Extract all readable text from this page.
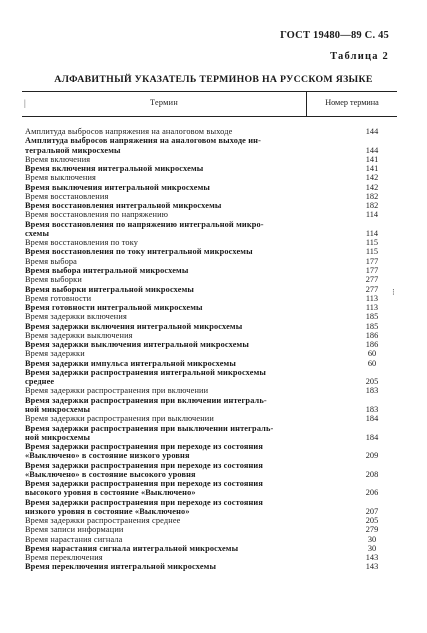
ГОСТ 19480—89 С. 45
Таблица 2
АЛФАВИТНЫЙ УКАЗАТЕЛЬ ТЕРМИНОВ НА РУССКОМ ЯЗЫКЕ
Термин	Номер термина
|
⁝
Амплитуда выбросов напряжения на аналоговом выходе	144
Амплитуда выбросов напряжения на аналоговом выходе ин-
тегральной микросхемы	144
Время включения	141
Время включения интегральной микросхемы	141
Время выключения	142
Время выключения интегральной микросхемы	142
Время восстановления	182
Время восстановления интегральной микросхемы	182
Время восстановления по напряжению	114
Время восстановления по напряжению интегральной микро-
схемы	114
Время восстановления по току	115
Время восстановления по току интегральной микросхемы	115
Время выбора	177
Время выбора интегральной микросхемы	177
Время выборки	277
Время выборки интегральной микросхемы	277
Время готовности	113
Время готовности интегральной микросхемы	113
Время задержки включения	185
Время задержки включения интегральной микросхемы	185
Время задержки выключения	186
Время задержки выключения интегральной микросхемы	186
Время задержки	60
Время задержки импульса интегральной микросхемы	60
Время задержки распространения интегральной микросхемы
среднее	205
Время задержки распространения при включении	183
Время задержки распространения при включении интеграль-
ной микросхемы	183
Время задержки распространения при выключении	184
Время задержки распространения при выключении интеграль-
ной микросхемы	184
Время задержки распространения при переходе из состояния
«Выключено» в состояние низкого уровня	209
Время задержки распространения при переходе из состояния
«Выключено» в состояние высокого уровня	208
Время задержки распространения при переходе из состояния
высокого уровня в состояние «Выключено»	206
Время задержки распространения при переходе из состояния
низкого уровня в состояние «Выключено»	207
Время задержки распространения среднее	205
Время записи информации	279
Время нарастания сигнала	30
Время нарастания сигнала интегральной микросхемы	30
Время переключения	143
Время переключения интегральной микросхемы	143
